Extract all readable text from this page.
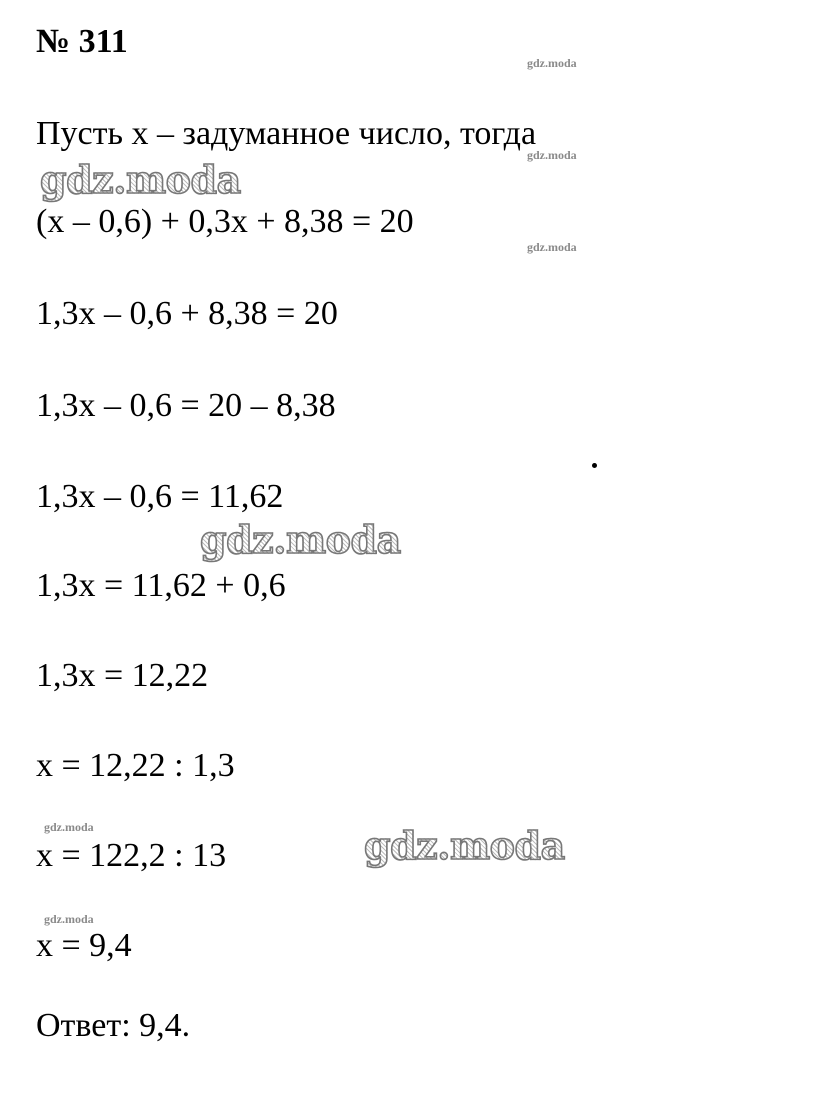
№ 311
gdz.moda

Пусть x – задуманное число, тогда

gdz.moda
gdz.moda

(x – 0,6) + 0,3x + 8,38 = 20

gdz.moda

1,3x – 0,6 + 8,38 = 20

1,3x – 0,6 = 20 – 8,38

1,3x – 0,6 = 11,62

gdz.moda

1,3x = 11,62 + 0,6

1,3x = 12,22

x = 12,22 : 1,3

gdz.moda	gdz.moda

x = 122,2 : 13

gdz.moda

x = 9,4

Ответ: 9,4.
